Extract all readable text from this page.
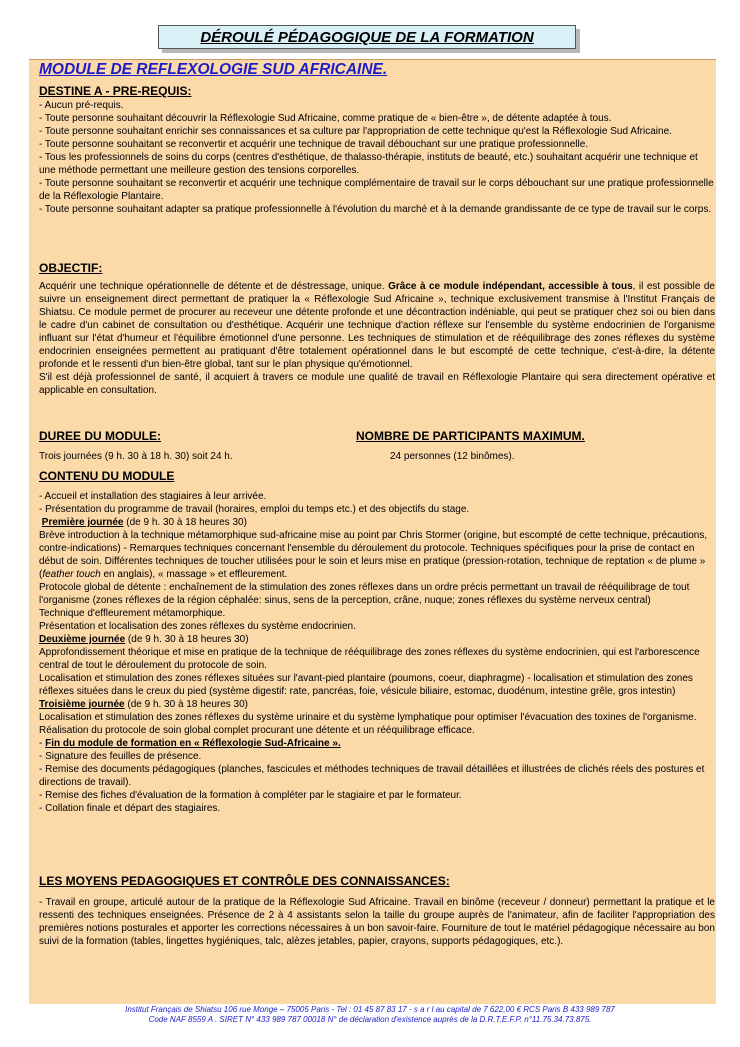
DÉROULÉ PÉDAGOGIQUE DE LA FORMATION
MODULE DE REFLEXOLOGIE SUD AFRICAINE.
DESTINE A - PRE-REQUIS:

- Aucun pré-requis.

- Toute personne souhaitant découvrir la Réflexologie Sud Africaine, comme pratique de « bien-être », de détente adaptée à tous.

- Toute personne souhaitant enrichir ses connaissances et sa culture par l'appropriation de cette technique qu'est la Réflexologie Sud Africaine.

- Toute personne souhaitant se reconvertir et acquérir une technique de travail débouchant sur une pratique professionnelle.

- Tous les professionnels de soins du corps (centres d'esthétique, de thalasso-thérapie, instituts de beauté, etc.) souhaitant acquérir une technique et une méthode permettant une meilleure gestion des tensions corporelles.

- Toute personne souhaitant se reconvertir et acquérir une technique complémentaire de travail sur le corps débouchant sur une pratique professionnelle de la Réflexologie Plantaire.

- Toute personne souhaitant adapter sa pratique professionnelle à l'évolution du marché et à la demande grandissante de ce type de travail sur le corps.

OBJECTIF:

Acquérir une technique opérationnelle de détente et de déstressage, unique. Grâce à ce module indépendant, accessible à tous, il est possible de suivre un enseignement direct permettant de pratiquer la « Réflexologie Sud Africaine », technique exclusivement transmise à l'Institut Français de Shiatsu. Ce module permet de procurer au receveur une détente profonde et une décontraction indéniable, qui peut se pratiquer chez soi ou bien dans le cadre d'un cabinet de consultation ou d'esthétique. Acquérir une technique d'action réflexe sur l'ensemble du système endocrinien de l'organisme influant sur l'état d'humeur et l'équilibre émotionnel d'une personne. Les techniques de stimulation et de rééquilibrage des zones réflexes du système endocrinien enseignées permettent au pratiquant d'être totalement opérationnel dans le but escompté de cette technique, c'est-à-dire, la détente profonde et le ressenti d'un bien-être global, tant sur le plan physique qu'émotionnel.

S'il est déjà professionnel de santé, il acquiert à travers ce module une qualité de travail en Réflexologie Plantaire qui sera directement opérative et applicable en consultation.

DUREE DU MODULE:	NOMBRE DE PARTICIPANTS MAXIMUM.
Trois journées (9 h. 30 à 18 h. 30) soit 24 h.	24 personnes (12 binômes).
CONTENU DU MODULE

- Accueil et installation des stagiaires à leur arrivée.

- Présentation du programme de travail (horaires, emploi du temps etc.) et des objectifs du stage.

Première journée (de 9 h. 30 à 18 heures 30)

Brève introduction à la technique métamorphique sud-africaine mise au point par Chris Stormer (origine, but escompté de cette technique, précautions, contre-indications) - Remarques techniques concernant l'ensemble du déroulement du protocole. Techniques spécifiques pour la prise de contact en début de soin. Différentes techniques de toucher utilisées pour le soin et leurs mise en pratique (pression-rotation, technique de reptation « de plume » (feather touch en anglais), « massage » et effleurement.

Protocole global de détente : enchaînement de la stimulation des zones réflexes dans un ordre précis permettant un travail de rééquilibrage de tout l'organisme (zones réflexes de la région céphalée: sinus, sens de la perception, crâne, nuque; zones réflexes du système nerveux central)

Technique d'effleurement métamorphique.

Présentation et localisation des zones réflexes du système endocrinien.

Deuxième journée (de 9 h. 30 à 18 heures 30)

Approfondissement théorique et mise en pratique de la technique de rééquilibrage des zones réflexes du système endocrinien, qui est l'arborescence central de tout le déroulement du protocole de soin.

Localisation et stimulation des zones réflexes situées sur l'avant-pied plantaire (poumons, coeur, diaphragme) - localisation et stimulation des zones réflexes situées dans le creux du pied (système digestif: rate, pancréas, foie, vésicule biliaire, estomac, duodénum, intestine grêle, gros intestin)

Troisième journée (de 9 h. 30 à 18 heures 30)

Localisation et stimulation des zones réflexes du système urinaire et du système lymphatique pour optimiser l'évacuation des toxines de l'organisme.

Réalisation du protocole de soin global complet procurant une détente et un rééquilibrage efficace.

- Fin du module de formation en « Réflexologie Sud-Africaine ».

- Signature des feuilles de présence.

- Remise des documents pédagogiques (planches, fascicules et méthodes techniques de travail détaillées et illustrées de clichés réels des postures et directions de travail).

- Remise des fiches d'évaluation de la formation à compléter par le stagiaire et par le formateur.

- Collation finale et départ des stagiaires.

LES MOYENS PEDAGOGIQUES ET CONTRÔLE DES CONNAISSANCES:
- Travail en groupe, articulé autour de la pratique de la Réflexologie Sud Africaine. Travail en binôme (receveur / donneur) permettant la pratique et le ressenti des techniques enseignées. Présence de 2 à 4 assistants selon la taille du groupe auprès de l'animateur, afin de faciliter l'appropriation des premières notions posturales et apporter les corrections nécessaires à un bon savoir-faire. Fourniture de tout le matériel pédagogique nécessaire au bon suivi de la formation (tables, lingettes hygiéniques, talc, alèzes jetables, papier, crayons, supports pédagogiques, etc.).
Institut Français de Shiatsu 106 rue Monge – 75005 Paris - Tel : 01 45 87 83 17 - s a r l au capital de 7 622,00 € RCS Paris B 433 989 787
Code NAF 8559 A . SIRET N° 433 989 787 00018 N° de déclaration d'existence auprès de la D.R.T.E.F.P. n°11.75.34.73.875.
